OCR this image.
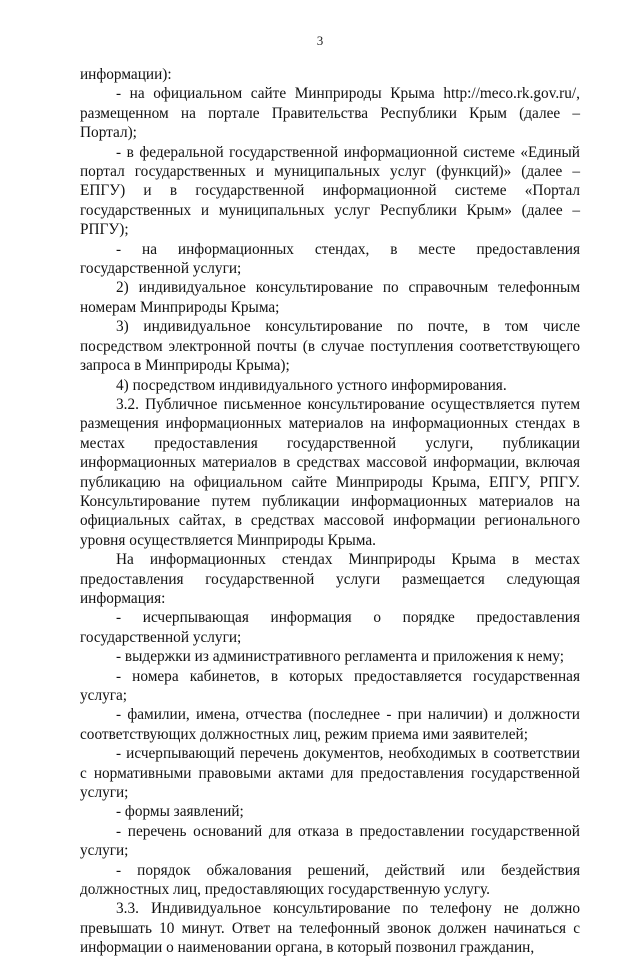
3

информации):

- на официальном сайте Минприроды Крыма http://meco.rk.gov.ru/, размещенном на портале Правительства Республики Крым (далее – Портал);

- в федеральной государственной информационной системе «Единый портал государственных и муниципальных услуг (функций)» (далее – ЕПГУ) и в государственной информационной системе «Портал государственных и муниципальных услуг Республики Крым» (далее – РПГУ);

- на информационных стендах, в месте предоставления государственной услуги;

2) индивидуальное консультирование по справочным телефонным номерам Минприроды Крыма;

3) индивидуальное консультирование по почте, в том числе посредством электронной почты (в случае поступления соответствующего запроса в Минприроды Крыма);

4) посредством индивидуального устного информирования.

3.2. Публичное письменное консультирование осуществляется путем размещения информационных материалов на информационных стендах в местах предоставления государственной услуги, публикации информационных материалов в средствах массовой информации, включая публикацию на официальном сайте Минприроды Крыма, ЕПГУ, РПГУ. Консультирование путем публикации информационных материалов на официальных сайтах, в средствах массовой информации регионального уровня осуществляется Минприроды Крыма.

На информационных стендах Минприроды Крыма в местах предоставления государственной услуги размещается следующая информация:

- исчерпывающая информация о порядке предоставления государственной услуги;

- выдержки из административного регламента и приложения к нему;

- номера кабинетов, в которых предоставляется государственная услуга;

- фамилии, имена, отчества (последнее - при наличии) и должности соответствующих должностных лиц, режим приема ими заявителей;

- исчерпывающий перечень документов, необходимых в соответствии с нормативными правовыми актами для предоставления государственной услуги;

- формы заявлений;

- перечень оснований для отказа в предоставлении государственной услуги;

- порядок обжалования решений, действий или бездействия должностных лиц, предоставляющих государственную услугу.

3.3. Индивидуальное консультирование по телефону не должно превышать 10 минут. Ответ на телефонный звонок должен начинаться с информации о наименовании органа, в который позвонил гражданин,
